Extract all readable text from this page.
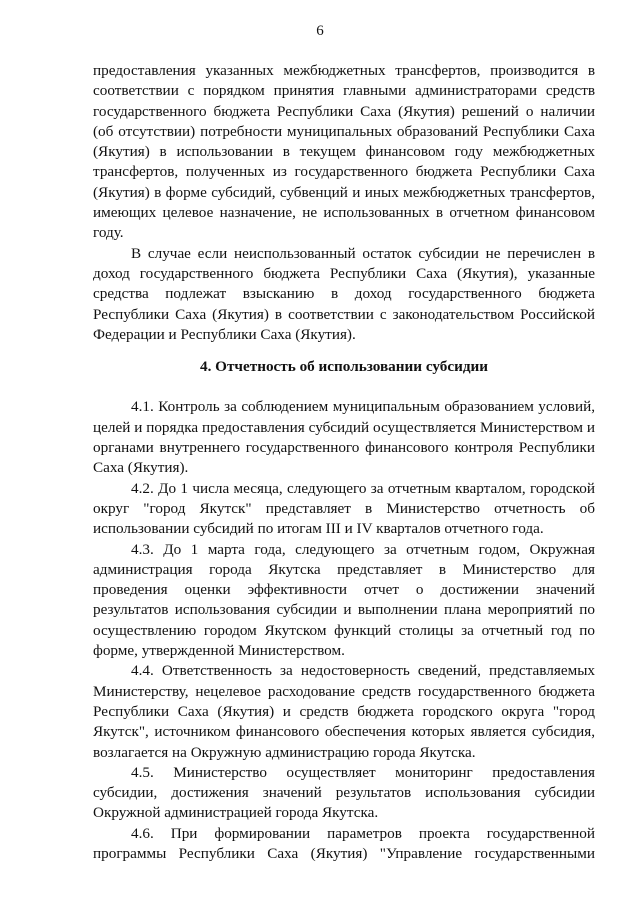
6

предоставления указанных межбюджетных трансфертов, производится в соответствии с порядком принятия главными администраторами средств государственного бюджета Республики Саха (Якутия) решений о наличии (об отсутствии) потребности муниципальных образований Республики Саха (Якутия) в использовании в текущем финансовом году межбюджетных трансфертов, полученных из государственного бюджета Республики Саха (Якутия) в форме субсидий, субвенций и иных межбюджетных трансфертов, имеющих целевое назначение, не использованных в отчетном финансовом году.

В случае если неиспользованный остаток субсидии не перечислен в доход государственного бюджета Республики Саха (Якутия), указанные средства подлежат взысканию в доход государственного бюджета Республики Саха (Якутия) в соответствии с законодательством Российской Федерации и Республики Саха (Якутия).

4. Отчетность об использовании субсидии

4.1. Контроль за соблюдением муниципальным образованием условий, целей и порядка предоставления субсидий осуществляется Министерством и органами внутреннего государственного финансового контроля Республики Саха (Якутия).

4.2. До 1 числа месяца, следующего за отчетным кварталом, городской округ "город Якутск" представляет в Министерство отчетность об использовании субсидий по итогам III и IV кварталов отчетного года.

4.3. До 1 марта года, следующего за отчетным годом, Окружная администрация города Якутска представляет в Министерство для проведения оценки эффективности отчет о достижении значений результатов использования субсидии и выполнении плана мероприятий по осуществлению городом Якутском функций столицы за отчетный год по форме, утвержденной Министерством.

4.4. Ответственность за недостоверность сведений, представляемых Министерству, нецелевое расходование средств государственного бюджета Республики Саха (Якутия) и средств бюджета городского округа "город Якутск", источником финансового обеспечения которых является субсидия, возлагается на Окружную администрацию города Якутска.

4.5. Министерство осуществляет мониторинг предоставления субсидии, достижения значений результатов использования субсидии Окружной администрацией города Якутска.

4.6. При формировании параметров проекта государственной программы Республики Саха (Якутия) "Управление государственными
